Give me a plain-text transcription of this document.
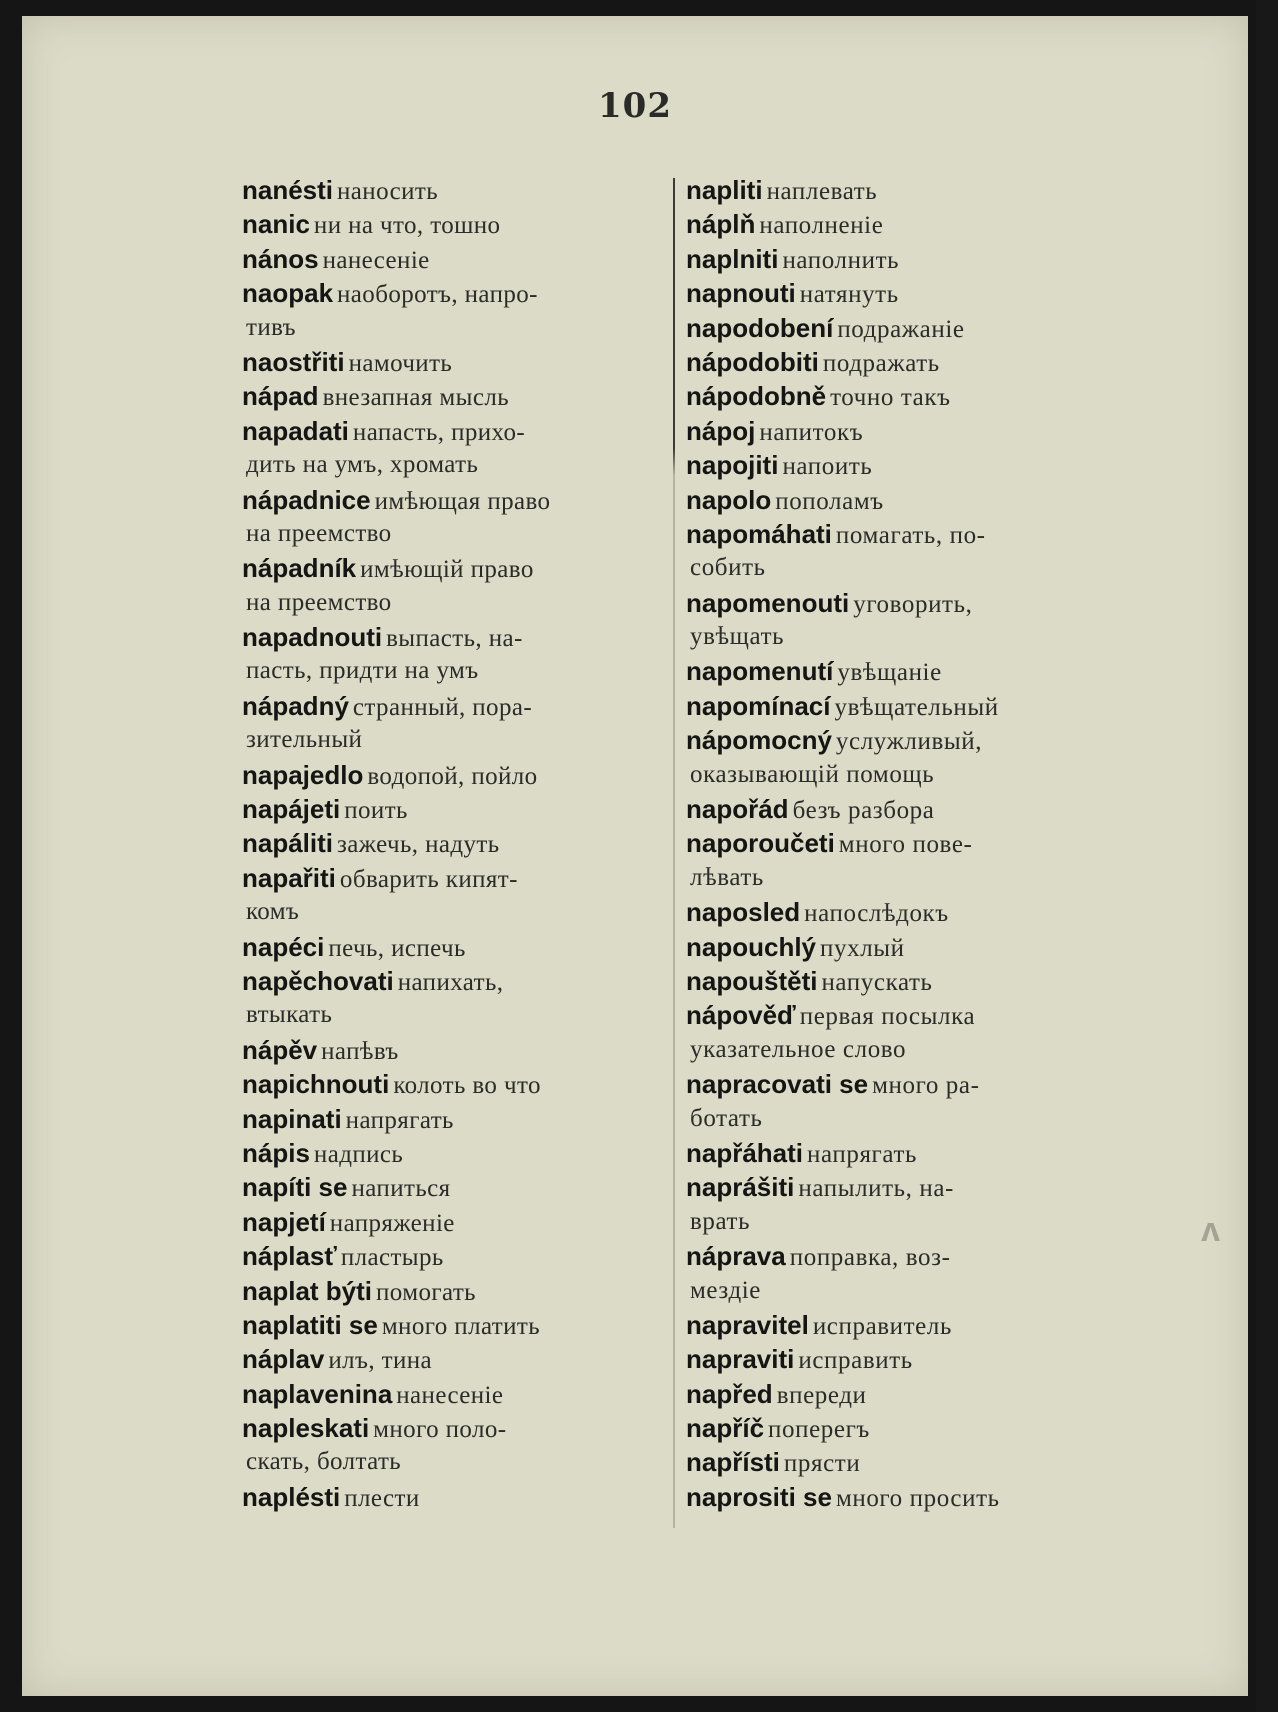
102
nanésti наносить
nanic ни на что, тошно
nános нанесеніе
naopak наоборотъ, напро-
тивъ
naostřiti намочить
nápad внезапная мысль
napadati напасть, прихо-
дить на умъ, хромать
nápadnice имѣющая право
на преемство
nápadník имѣющій право
на преемство
napadnouti выпасть, на-
пасть, придти на умъ
nápadný странный, пора-
зительный
napajedlo водопой, пойло
napájeti поить
napáliti зажечь, надуть
napařiti обварить кипят-
комъ
napéci печь, испечь
napěchovati напихать,
втыкать
nápěv напѣвъ
napichnouti колоть во что
napinati напрягать
nápis надпись
napíti se напиться
napjetí напряженіе
náplasť пластырь
naplat býti помогать
naplatiti se много платить
náplav илъ, тина
naplavenina нанесеніе
napleskati много поло-
скать, болтать
naplésti плести
napliti наплевать
náplň наполненіе
naplniti наполнить
napnouti натянуть
napodobení подражаніе
nápodobiti подражать
nápodobně точно такъ
nápoj напитокъ
napojiti напоить
napolo пополамъ
napomáhati помагать, по-
собить
napomenouti уговорить,
увѣщать
napomenutí увѣщаніе
napomínací увѣщательный
nápomocný услужливый,
оказывающій помощь
napořád безъ разбора
naporoučeti много пове-
лѣвать
naposled напослѣдокъ
napouchlý пухлый
napouštěti напускать
nápověď первая посылка
указательное слово
napracovati se много ра-
ботать
napřáhati напрягать
naprášiti напылить, на-
врать
náprava поправка, воз-
мездіе
napravitel исправитель
napraviti исправить
napřed впереди
napříč поперегъ
napřísti прясти
naprositi se много просить
ʌ
